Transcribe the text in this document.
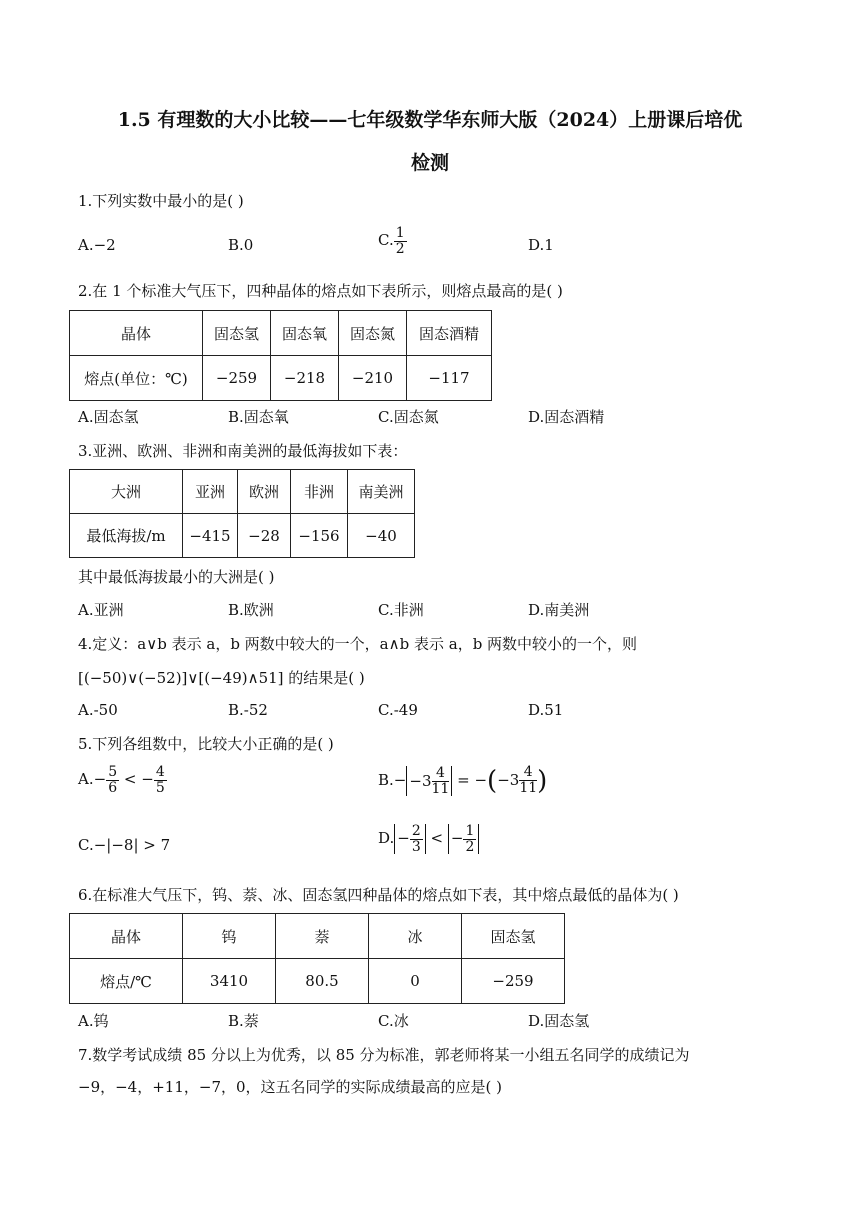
1.5 有理数的大小比较——七年级数学华东师大版（2024）上册课后培优
检测
1.下列实数中最小的是( )
A.−2	B.0	C. $\frac{1}{2}$	D.1
2.在 1 个标准大气压下，四种晶体的熔点如下表所示，则熔点最高的是( )
晶体	固态氢	固态氧	固态氮	固态酒精
熔点(单位：℃)	−259	−218	−210	−117
A.固态氢	B.固态氧	C.固态氮	D.固态酒精
3.亚洲、欧洲、非洲和南美洲的最低海拔如下表：
大洲	亚洲	欧洲	非洲	南美洲
最低海拔/m	−415	−28	−156	−40
其中最低海拔最小的大洲是( )
A.亚洲	B.欧洲	C.非洲	D.南美洲
4.定义：a∨b 表示 a，b 两数中较大的一个，a∧b 表示 a，b 两数中较小的一个，则
[(−50)∨(−52)]∨[(−49)∧51] 的结果是( )
A.-50	B.-52	C.-49	D.51
5.下列各组数中，比较大小正确的是( )
$A.- \frac{5}{6}$ < − $\frac{4}{5}$	$B.- -3 \frac{4}{11}$ = −( $-3 \frac{4}{11}$ )
C.−|−8| > 7	D. − $\frac{2}{3}$ < − $\frac{1}{2}$
6.在标准大气压下，钨、萘、冰、固态氢四种晶体的熔点如下表，其中熔点最低的晶体为( )
晶体	钨	萘	冰	固态氢
熔点/℃	3410	80.5	0	−259
A.钨	B.萘	C.冰	D.固态氢
7.数学考试成绩 85 分以上为优秀，以 85 分为标准，郭老师将某一小组五名同学的成绩记为
−9，−4，+11，−7，0，这五名同学的实际成绩最高的应是( )
